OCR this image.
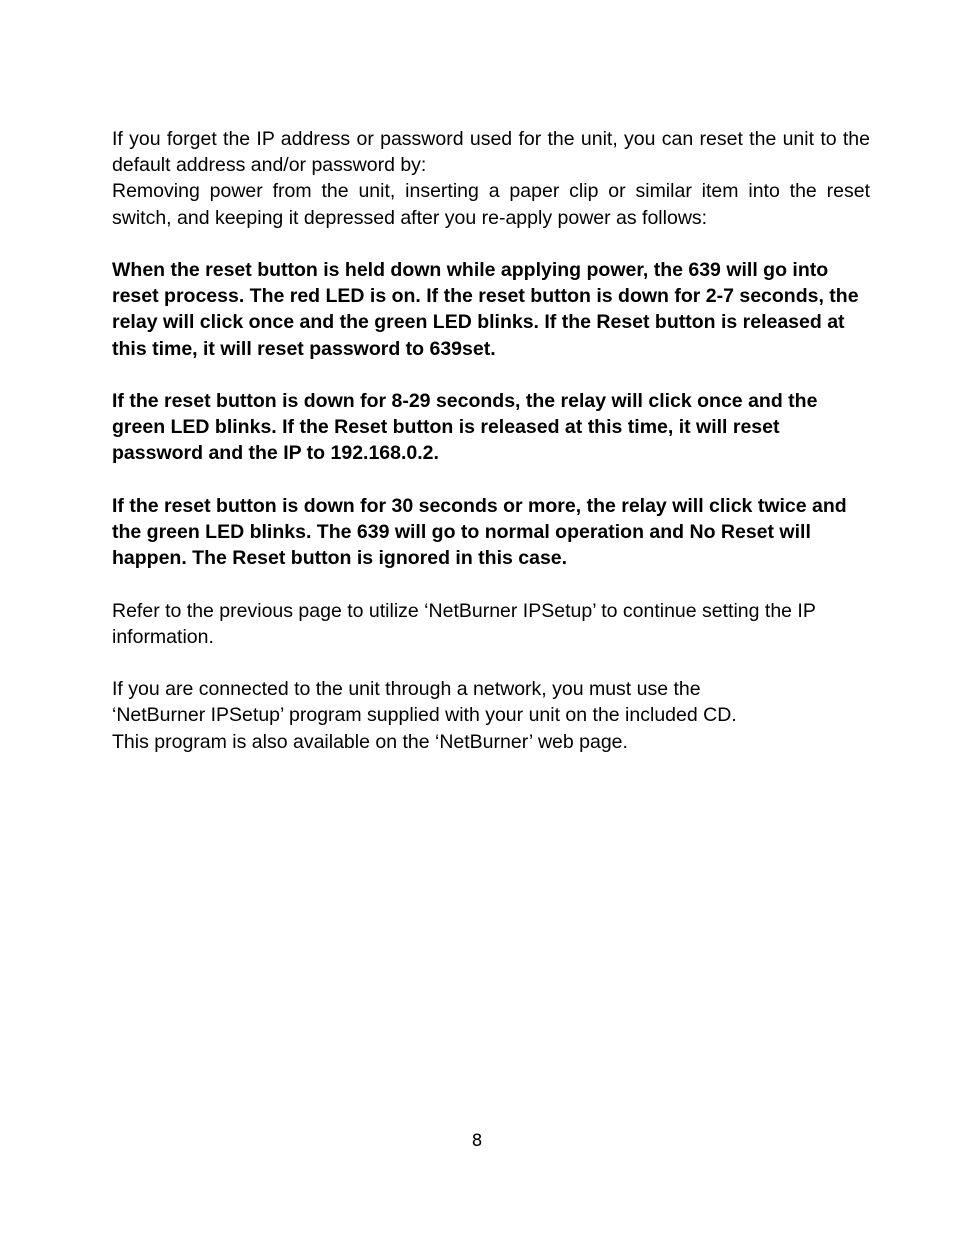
If you forget the IP address or password used for the unit, you can reset the unit to the default address and/or password by:

Removing power from the unit, inserting a paper clip or similar item into the reset switch, and keeping it depressed after you re-apply power as follows:

When the reset button is held down while applying power, the 639 will go into reset process. The red LED is on. If the reset button is down for 2-7 seconds, the relay will click once and the green LED blinks. If the Reset button is released at this time, it will reset password to 639set.

If the reset button is down for 8-29 seconds, the relay will click once and the green LED blinks. If the Reset button is released at this time, it will reset password and the IP to 192.168.0.2.

If the reset button is down for 30 seconds or more, the relay will click twice and the green LED blinks. The 639 will go to normal operation and No Reset will happen. The Reset button is ignored in this case.

Refer to the previous page to utilize ‘NetBurner IPSetup’ to continue setting the IP information.

If you are connected to the unit through a network, you must use the
‘NetBurner IPSetup’ program supplied with your unit on the included CD.
This program is also available on the ‘NetBurner’ web page.
8
